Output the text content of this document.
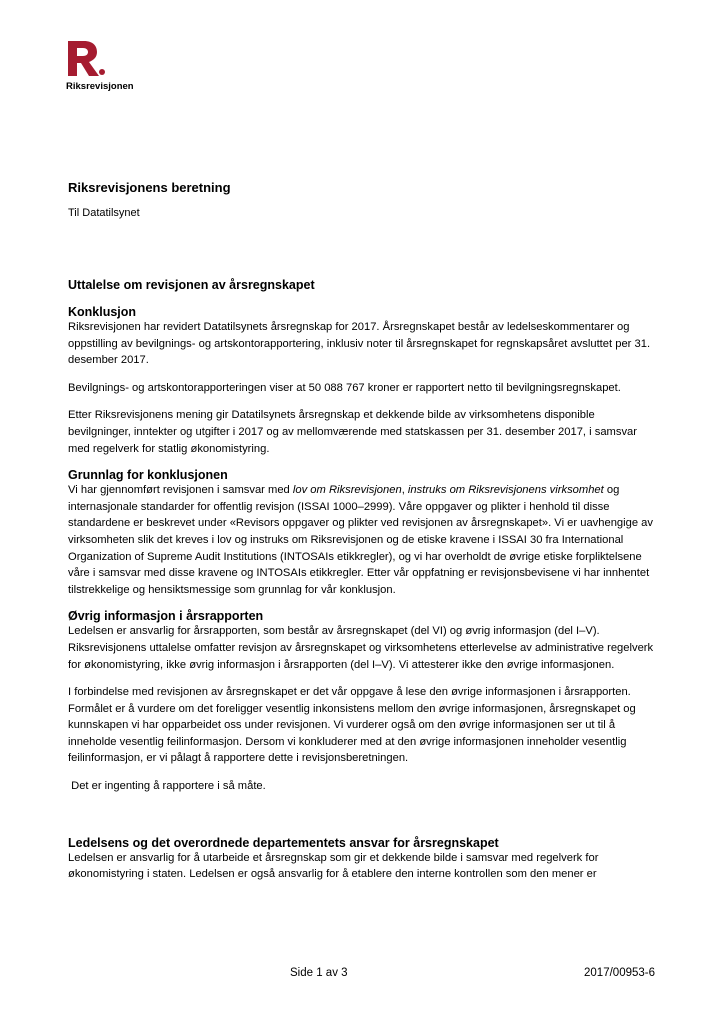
Riksrevisjonen
Riksrevisjonens beretning
Til Datatilsynet
Uttalelse om revisjonen av årsregnskapet
Konklusjon

Riksrevisjonen har revidert Datatilsynets årsregnskap for 2017. Årsregnskapet består av ledelseskommentarer og oppstilling av bevilgnings- og artskontorapportering, inklusiv noter til årsregnskapet for regnskapsåret avsluttet per 31. desember 2017.

Bevilgnings- og artskontorapporteringen viser at 50 088 767 kroner er rapportert netto til bevilgningsregnskapet.

Etter Riksrevisjonens mening gir Datatilsynets årsregnskap et dekkende bilde av virksomhetens disponible bevilgninger, inntekter og utgifter i 2017 og av mellomværende med statskassen per 31. desember 2017, i samsvar med regelverk for statlig økonomistyring.

Grunnlag for konklusjonen

Vi har gjennomført revisjonen i samsvar med lov om Riksrevisjonen, instruks om Riksrevisjonens virksomhet og internasjonale standarder for offentlig revisjon (ISSAI 1000–2999). Våre oppgaver og plikter i henhold til disse standardene er beskrevet under «Revisors oppgaver og plikter ved revisjonen av årsregnskapet». Vi er uavhengige av virksomheten slik det kreves i lov og instruks om Riksrevisjonen og de etiske kravene i ISSAI 30 fra International Organization of Supreme Audit Institutions (INTOSAIs etikkregler), og vi har overholdt de øvrige etiske forpliktelsene våre i samsvar med disse kravene og INTOSAIs etikkregler. Etter vår oppfatning er revisjonsbevisene vi har innhentet tilstrekkelige og hensiktsmessige som grunnlag for vår konklusjon.

Øvrig informasjon i årsrapporten

Ledelsen er ansvarlig for årsrapporten, som består av årsregnskapet (del VI) og øvrig informasjon (del I–V). Riksrevisjonens uttalelse omfatter revisjon av årsregnskapet og virksomhetens etterlevelse av administrative regelverk for økonomistyring, ikke øvrig informasjon i årsrapporten (del I–V). Vi attesterer ikke den øvrige informasjonen.

I forbindelse med revisjonen av årsregnskapet er det vår oppgave å lese den øvrige informasjonen i årsrapporten. Formålet er å vurdere om det foreligger vesentlig inkonsistens mellom den øvrige informasjonen, årsregnskapet og kunnskapen vi har opparbeidet oss under revisjonen. Vi vurderer også om den øvrige informasjonen ser ut til å inneholde vesentlig feilinformasjon. Dersom vi konkluderer med at den øvrige informasjonen inneholder vesentlig feilinformasjon, er vi pålagt å rapportere dette i revisjonsberetningen.

Det er ingenting å rapportere i så måte.

Ledelsens og det overordnede departementets ansvar for årsregnskapet

Ledelsen er ansvarlig for å utarbeide et årsregnskap som gir et dekkende bilde i samsvar med regelverk for økonomistyring i staten. Ledelsen er også ansvarlig for å etablere den interne kontrollen som den mener er

Side 1 av 3	2017/00953-6
